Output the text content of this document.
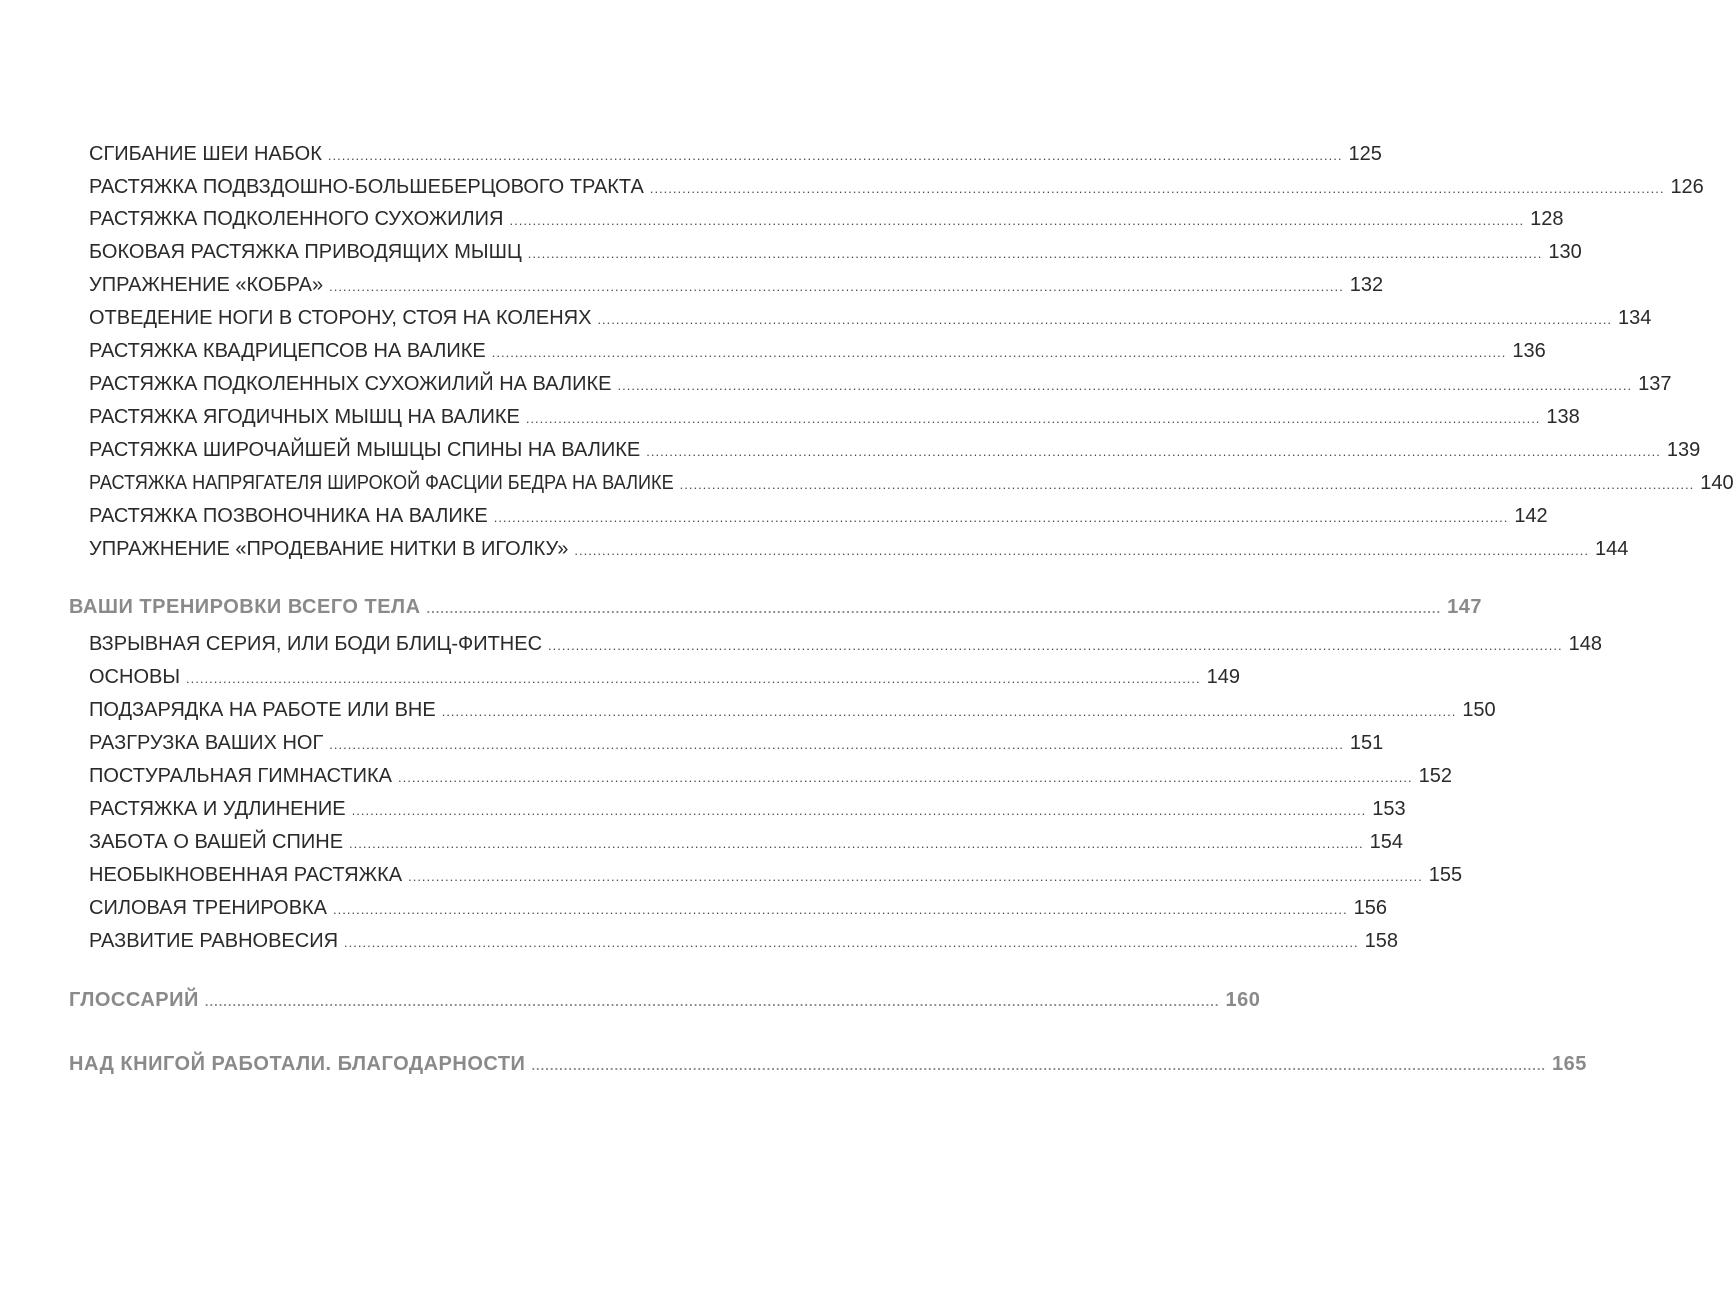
СГИБАНИЕ ШЕИ НАБОК ............................................................................................................................................................................................................................ 125
РАСТЯЖКА ПОДВЗДОШНО-БОЛЬШЕБЕРЦОВОГО ТРАКТА ............................................................................................................................................................................................................................ 126
РАСТЯЖКА ПОДКОЛЕННОГО СУХОЖИЛИЯ ............................................................................................................................................................................................................................ 128
БОКОВАЯ РАСТЯЖКА ПРИВОДЯЩИХ МЫШЦ ............................................................................................................................................................................................................................ 130
УПРАЖНЕНИЕ «КОБРА» ............................................................................................................................................................................................................................ 132
ОТВЕДЕНИЕ НОГИ В СТОРОНУ, СТОЯ НА КОЛЕНЯХ ............................................................................................................................................................................................................................ 134
РАСТЯЖКА КВАДРИЦЕПСОВ НА ВАЛИКЕ ............................................................................................................................................................................................................................ 136
РАСТЯЖКА ПОДКОЛЕННЫХ СУХОЖИЛИЙ НА ВАЛИКЕ ............................................................................................................................................................................................................................ 137
РАСТЯЖКА ЯГОДИЧНЫХ МЫШЦ НА ВАЛИКЕ ............................................................................................................................................................................................................................ 138
РАСТЯЖКА ШИРОЧАЙШЕЙ МЫШЦЫ СПИНЫ НА ВАЛИКЕ ............................................................................................................................................................................................................................ 139
РАСТЯЖКА НАПРЯГАТЕЛЯ ШИРОКОЙ ФАСЦИИ БЕДРА НА ВАЛИКЕ ............................................................................................................................................................................................................................ 140
РАСТЯЖКА ПОЗВОНОЧНИКА НА ВАЛИКЕ ............................................................................................................................................................................................................................ 142
УПРАЖНЕНИЕ «ПРОДЕВАНИЕ НИТКИ В ИГОЛКУ» ............................................................................................................................................................................................................................ 144
ВАШИ ТРЕНИРОВКИ ВСЕГО ТЕЛА ............................................................................................................................................................................................................................ 147
ВЗРЫВНАЯ СЕРИЯ, ИЛИ БОДИ БЛИЦ-ФИТНЕС ............................................................................................................................................................................................................................ 148
ОСНОВЫ ............................................................................................................................................................................................................................ 149
ПОДЗАРЯДКА НА РАБОТЕ ИЛИ ВНЕ ............................................................................................................................................................................................................................ 150
РАЗГРУЗКА ВАШИХ НОГ ............................................................................................................................................................................................................................ 151
ПОСТУРАЛЬНАЯ ГИМНАСТИКА ............................................................................................................................................................................................................................ 152
РАСТЯЖКА И УДЛИНЕНИЕ ............................................................................................................................................................................................................................ 153
ЗАБОТА О ВАШЕЙ СПИНЕ ............................................................................................................................................................................................................................ 154
НЕОБЫКНОВЕННАЯ РАСТЯЖКА ............................................................................................................................................................................................................................ 155
СИЛОВАЯ ТРЕНИРОВКА ............................................................................................................................................................................................................................ 156
РАЗВИТИЕ РАВНОВЕСИЯ ............................................................................................................................................................................................................................ 158
ГЛОССАРИЙ ............................................................................................................................................................................................................................ 160
НАД КНИГОЙ РАБОТАЛИ. БЛАГОДАРНОСТИ ............................................................................................................................................................................................................................ 165
